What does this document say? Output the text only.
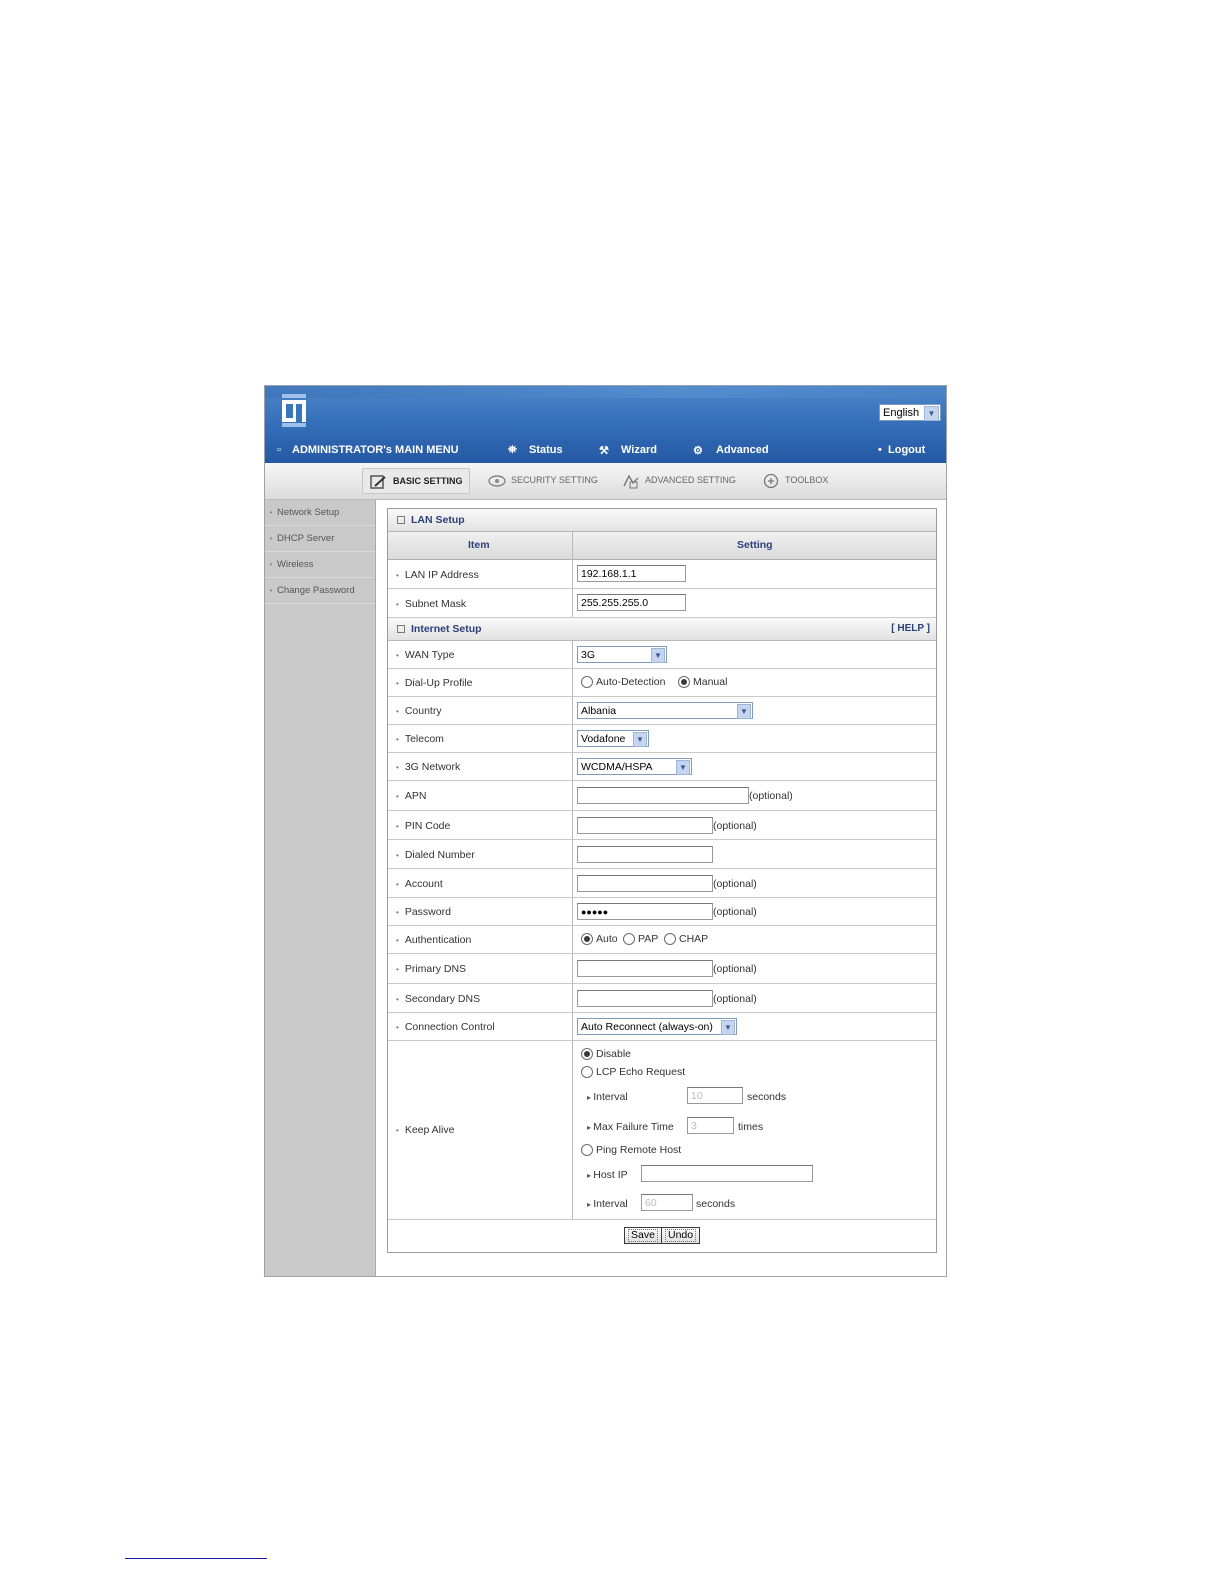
English	▼
▫ ADMINISTRATOR's MAIN MENU	⛯ Status	⚒ Wizard	⚙ Advanced	• Logout
BASIC SETTING	SECURITY SETTING	ADVANCED SETTING	TOOLBOX
• Network Setup
• DHCP Server
• Wireless
• Change Password
LAN Setup
Item	Setting
• LAN IP Address	192.168.1.1
• Subnet Mask	255.255.255.0
Internet Setup	[ HELP ]
• WAN Type	3G	▼
• Dial-Up Profile	Auto-Detection	Manual
• Country	Albania	▼
• Telecom	Vodafone	▼
• 3G Network	WCDMA/HSPA	▼
• APN	(optional)
• PIN Code	(optional)
• Dialed Number
• Account	(optional)
• Password	●●●●●	(optional)
• Authentication	Auto	PAP	CHAP
• Primary DNS	(optional)
• Secondary DNS	(optional)
• Connection Control	Auto Reconnect (always-on)	▼
• Keep Alive
Disable
LCP Echo Request
▸ Interval	10	seconds
▸ Max Failure Time	3	times
Ping Remote Host
▸ Host IP
▸ Interval	60	seconds
Save	Undo
